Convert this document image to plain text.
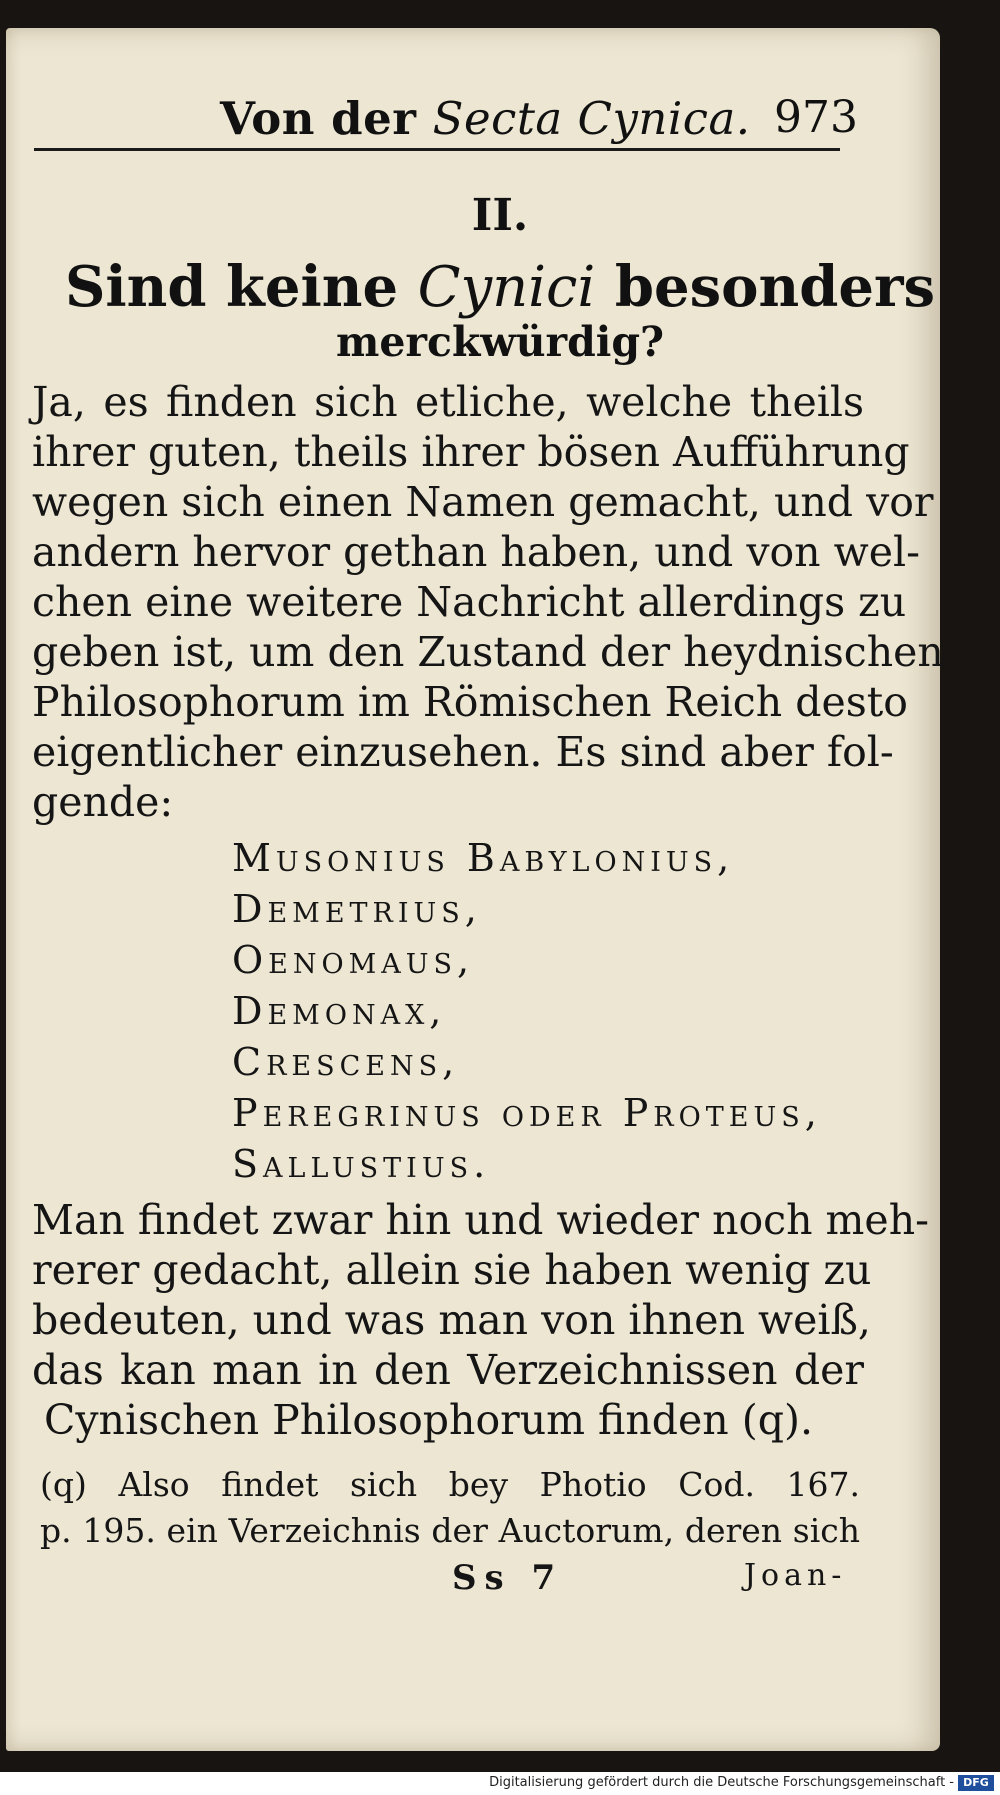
Von der Secta Cynica. 973
II.
Sind keine Cynici besonders
merckwürdig?
Ja, es finden sich etliche, welche theils
ihrer guten, theils ihrer bösen Aufführung
wegen sich einen Namen gemacht, und vor
andern hervor gethan haben, und von wel-
chen eine weitere Nachricht allerdings zu
geben ist, um den Zustand der heydnischen
Philosophorum im Römischen Reich desto
eigentlicher einzusehen. Es sind aber fol-
gende:
Musonius Babylonius,
Demetrius,
Oenomaus,
Demonax,
Crescens,
Peregrinus oder Proteus,
Sallustius.
Man findet zwar hin und wieder noch meh-
rerer gedacht, allein sie haben wenig zu
bedeuten, und was man von ihnen weiß,
das kan man in den Verzeichnissen der
Cynischen Philosophorum finden (q).
(q) Also findet sich bey Photio Cod. 167.
p. 195. ein Verzeichnis der Auctorum, deren sich
Ss 7	Joan-
Digitalisierung gefördert durch die Deutsche Forschungsgemeinschaft - DFG
